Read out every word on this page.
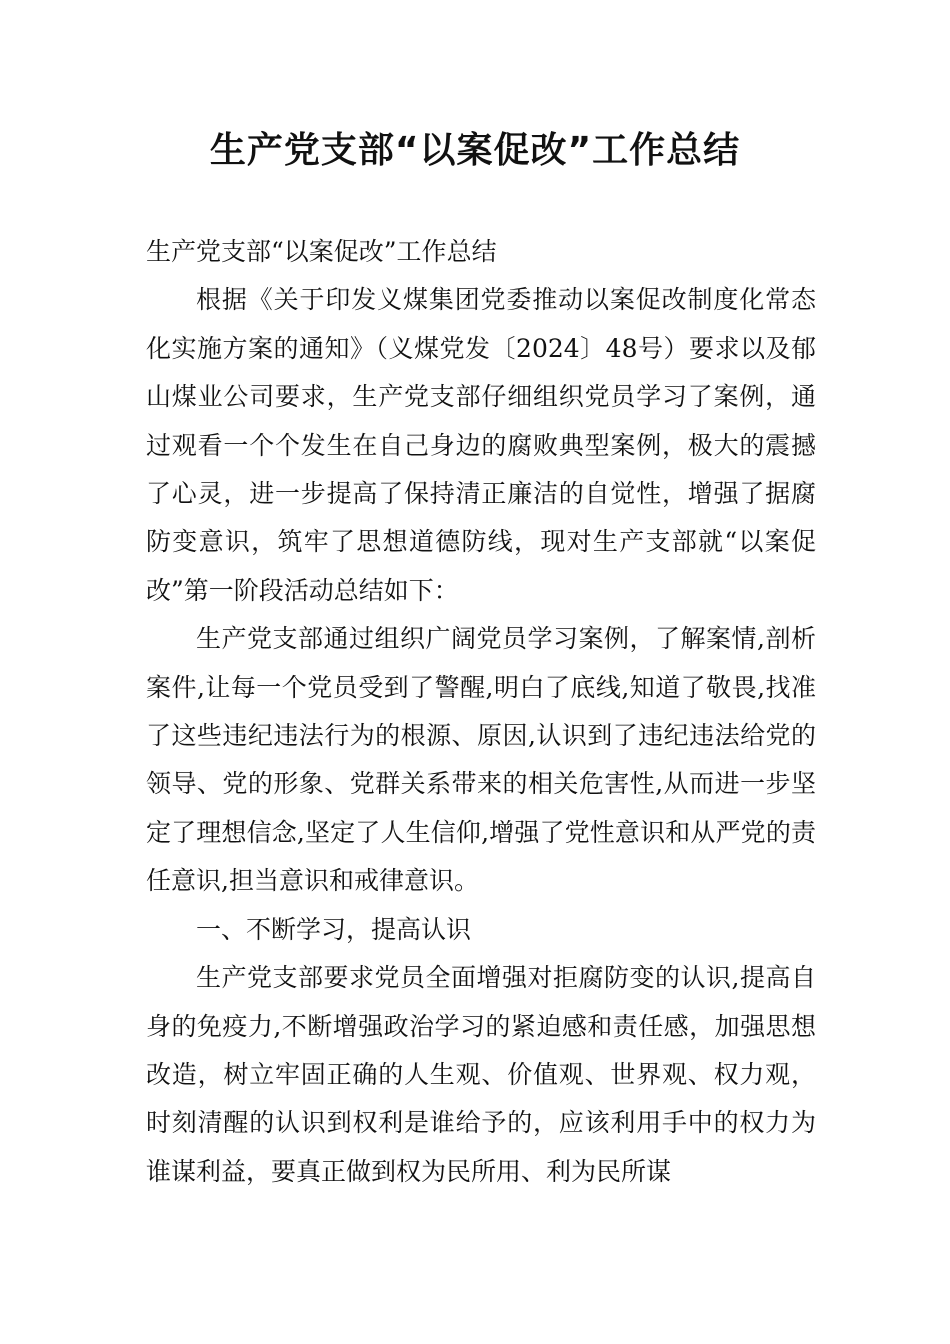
生产党支部“以案促改”工作总结

生产党支部“以案促改”工作总结

根据《关于印发义煤集团党委推动以案促改制度化常态化实施方案的通知》（义煤党发〔2024〕48号）要求以及郁山煤业公司要求，生产党支部仔细组织党员学习了案例，通过观看一个个发生在自己身边的腐败典型案例，极大的震撼了心灵，进一步提高了保持清正廉洁的自觉性，增强了据腐防变意识，筑牢了思想道德防线，现对生产支部就“以案促改”第一阶段活动总结如下：

生产党支部通过组织广阔党员学习案例，了解案情,剖析案件,让每一个党员受到了警醒,明白了底线,知道了敬畏,找准了这些违纪违法行为的根源、原因,认识到了违纪违法给党的领导、党的形象、党群关系带来的相关危害性,从而进一步坚定了理想信念,坚定了人生信仰,增强了党性意识和从严党的责任意识,担当意识和戒律意识。

一、不断学习，提高认识

生产党支部要求党员全面增强对拒腐防变的认识,提高自身的免疫力,不断增强政治学习的紧迫感和责任感，加强思想改造，树立牢固正确的人生观、价值观、世界观、权力观，时刻清醒的认识到权利是谁给予的，应该利用手中的权力为谁谋利益，要真正做到权为民所用、利为民所谋
